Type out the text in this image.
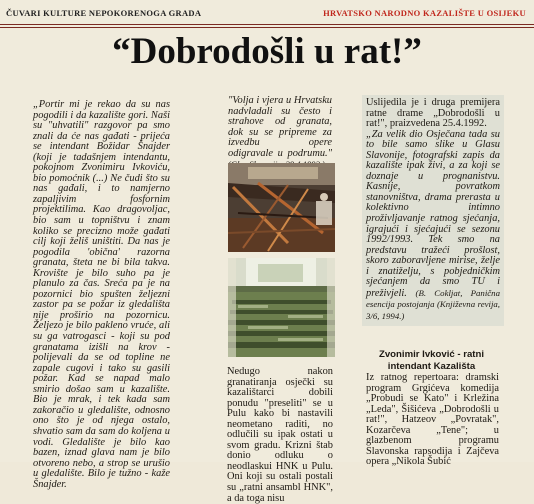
ČUVARI KULTURE NEPOKORENOGA GRADA	HRVATSKO NARODNO KAZALIŠTE U OSIJEKU
“Dobrodošli u rat!”
„Portir mi je rekao da su nas pogodili i da kazalište gori. Naši su "uhvatili" razgovor pa smo znali da će nas gađati - prijeća se intendant Božidar Šnajder (koji je tadašnjem intendantu, pokojnom Zvonimiru Ivkoviću, bio pomoćnik (...) Ne čudi što su nas gađali, i to namjerno zapaljivim fosfornim projektilima. Kao dragovoljac, bio sam u topništvu i znam koliko se precizno može gađati cilj koji želiš uništiti. Da nas je pogodila 'obična' razorna granata, šteta ne bi bila takva. Krovište je bilo suho pa je planulo za čas. Sreća pa je na pozornici bio spušten željezni zastor pa se požar iz gledališta nije proširio na pozornicu. Željezo je bilo pakleno vruće, ali su ga vatrogasci - koji su pod granatama izišli na krov - polijevali da se od topline ne zapale cugovi i tako su gasili požar. Kad se napad malo smirio došao sam u kazalište. Bio je mrak, i tek kada sam zakoračio u gledalište, odnosno ono što je od njega ostalo, shvatio sam da sam do koljena u vodi. Gledalište je bilo kao bazen, iznad glava nam je bilo otvoreno nebo, a strop se urušio u gledalište. Bilo je tužno - kaže Šnajder.
"Volja i vjera u Hrvatsku nadvladali su često i strahove od granata, dok su se pripreme za izvedbu opere odigravale u podrumu."
Nedugo nakon granatiranja osječki su kazalištarci dobili ponudu "preseliti" se u Pulu kako bi nastavili neometano raditi, no odlučili su ipak ostati u svom gradu. Krizni štab donio odluku o neodlaskui HNK u Pulu. Oni koji su ostali postali su „ratni ansambl HNK", a da toga nisu

Uslijedila je i druga premijera ratne drame „Dobrodošli u rat!", praizvedena 25.4.1992.

„Za velik dio Osječana tada su to bile samo slike u Glasu Slavonije, fotografski zapis da kazalište ipak živi, a za koji se doznaje u prognanistvu. Kasnije, povratkom stanovništva, drama prerasta u kolektivno intimno proživljavanje ratnog sjećanja, igrajući i sjećajući se sezonu 1992/1993. Tek smo na predstavu tražeći prošlost, skoro zaboravljene mirise, želje i znatiželju, s pobjedničkim sjećanjem da smo TU i preživjeli. (B. Cokljat, Panična esencija postojanja (Književna revija, 3/6, 1994.)

Zvonimir Ivković - ratni intendant Kazališta
Iz ratnog repertoara: dramski program Grgićeva komedija „Probudi se Kato" i Krležina „Leda", Šišićeva „Dobrodošli u rat!", Hatzeov „Povratak", Kozarčeva „Tene"; u glazbenom programu Slavonska rapsodija i Zajčeva opera „Nikola Šubić
